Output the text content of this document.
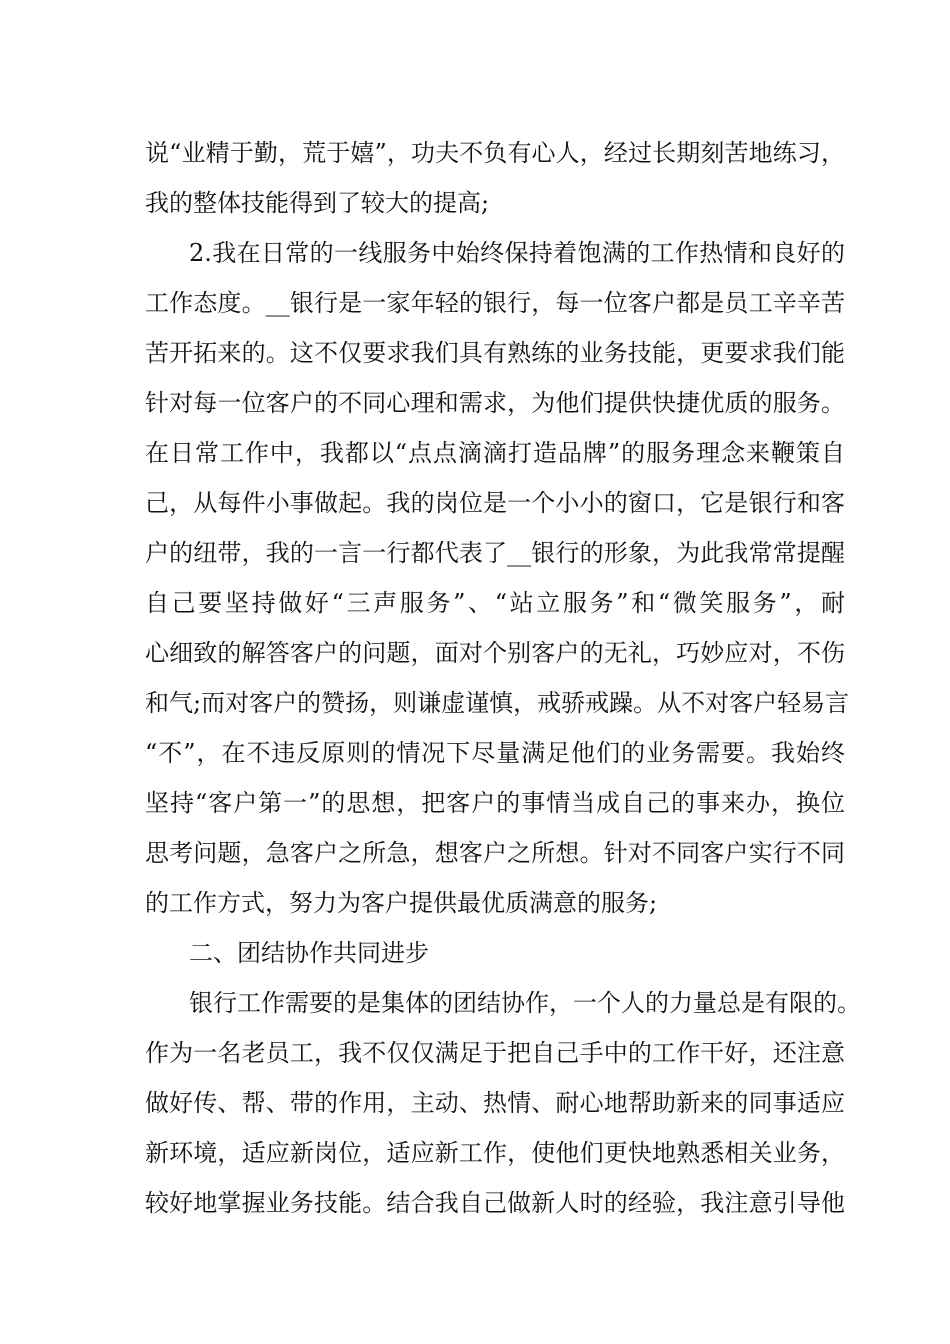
说“业精于勤，荒于嬉”，功夫不负有心人，经过长期刻苦地练习，
我的整体技能得到了较大的提高;
2.我在日常的一线服务中始终保持着饱满的工作热情和良好的
工作态度。__银行是一家年轻的银行，每一位客户都是员工辛辛苦
苦开拓来的。这不仅要求我们具有熟练的业务技能，更要求我们能
针对每一位客户的不同心理和需求，为他们提供快捷优质的服务。
在日常工作中，我都以“点点滴滴打造品牌”的服务理念来鞭策自
己，从每件小事做起。我的岗位是一个小小的窗口，它是银行和客
户的纽带，我的一言一行都代表了__银行的形象，为此我常常提醒
自己要坚持做好“三声服务”、“站立服务”和“微笑服务”，耐
心细致的解答客户的问题，面对个别客户的无礼，巧妙应对，不伤
和气;而对客户的赞扬，则谦虚谨慎，戒骄戒躁。从不对客户轻易言
“不”，在不违反原则的情况下尽量满足他们的业务需要。我始终
坚持“客户第一”的思想，把客户的事情当成自己的事来办，换位
思考问题，急客户之所急，想客户之所想。针对不同客户实行不同
的工作方式，努力为客户提供最优质满意的服务;
二、团结协作共同进步
银行工作需要的是集体的团结协作，一个人的力量总是有限的。
作为一名老员工，我不仅仅满足于把自己手中的工作干好，还注意
做好传、帮、带的作用，主动、热情、耐心地帮助新来的同事适应
新环境，适应新岗位，适应新工作，使他们更快地熟悉相关业务，
较好地掌握业务技能。结合我自己做新人时的经验，我注意引导他
